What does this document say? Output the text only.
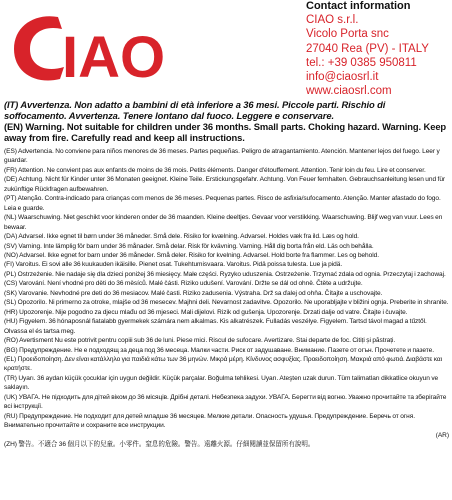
IAO
Contact information
CIAO s.r.l.
Vicolo Porta snc
27040 Rea (PV) - ITALY
tel.: +39 0385 950811
info@ciaosrl.it
www.ciaosrl.com

(IT) Avvertenza. Non adatto a bambini di età inferiore a 36 mesi. Piccole parti. Rischio di soffocamento. Avvertenza. Tenere lontano dal fuoco. Leggere e conservare.

(EN) Warning. Not suitable for children under 36 months. Small parts. Choking hazard. Warning. Keep away from fire. Carefully read and keep all instructions.

(ES) Advertencia. No conviene para niños menores de 36 meses. Partes pequeñas. Peligro de atragantamiento. Atención. Mantener lejos del fuego. Leer y guardar.

(FR) Attention. Ne convient pas aux enfants de moins de 36 mois. Petits éléments. Danger d'étouffement. Attention. Tenir loin du feu. Lire et conserver.

(DE) Achtung. Nicht für Kinder unter 36 Monaten geeignet. Kleine Teile. Erstickungsgefahr. Achtung. Von Feuer fernhalten. Gebrauchsanleitung lesen und für zukünftige Rückfragen aufbewahren.

(PT) Atenção. Contra-indicado para crianças com menos de 36 meses. Pequenas partes. Risco de asfixia/sufocamento. Atenção. Manter afastado do fogo. Leia e guarde.

(NL) Waarschuwing. Niet geschikt voor kinderen onder de 36 maanden. Kleine deeltjes. Gevaar voor verstikking. Waarschuwing. Blijf weg van vuur. Lees en bewaar.

(DA) Advarsel. Ikke egnet til børn under 36 måneder. Små dele. Risiko for kvælning. Advarsel. Holdes væk fra ild. Læs og hold.

(SV) Varning. Inte lämplig för barn under 36 månader. Små delar. Risk för kvävning. Varning. Håll dig borta från eld. Läs och behålla.

(NO) Advarsel. Ikke egnet for barn under 36 måneder. Små deler. Risiko for kvelning. Advarsel. Hold borte fra flammer. Les og behold.

(FI) Varoitus. Ei sovi alle 36 kuukauden ikäisille. Pienet osat. Tukehtumisvaara. Varoitus. Pidä poissa tulesta. Lue ja pidä.

(PL) Ostrzeżenie. Nie nadaje się dla dzieci poniżej 36 miesięcy. Małe części. Ryzyko uduszenia. Ostrzeżenie. Trzymać zdala od ognia. Przeczytaj i zachowaj.

(CS) Varování. Není vhodné pro děti do 36 měsíců. Malé části. Riziko udušení. Varování. Držte se dál od ohně. Čtěte a udržujte.

(SK) Varovanie. Nevhodné pre deti do 36 mesiacov. Malé časti. Riziko zadusenia. Výstraha. Drž sa ďalej od ohňa. Čítajte a uschovajte.

(SL) Opozorilo. Ni primerno za otroke, mlajše od 36 mesecev. Majhni deli. Nevarnost zadavitve. Opozorilo. Ne uporabljajte v bližini ognja. Preberite in shranite.

(HR) Upozorenje. Nije pogodno za djecu mlađu od 36 mjeseci. Mali dijelovi. Rizik od gušenja. Upozorenje. Drzati dalje od vatre. Čitajte i čuvajte.

(HU) Figyelem. 36 hónaposnál fiatalabb gyermekek számára nem alkalmas. Kis alkatrészek. Fulladás veszélye. Figyelem. Tartsd távol magad a tűztől. Olvassa el és tartsa meg.

(RO) Avertisment Nu este potrivit pentru copiii sub 36 de luni. Piese mici. Riscul de sufocare. Avertizare. Stai departe de foc. Citiți și păstrați.

(BG) Предупреждение. Не е подходящ за деца под 36 месеца. Малки части. Риск от задушаване. Внимание. Пазете от огън. Прочетете и пазете.

(EL) Προειδοποίηση. Δεν είναι κατάλληλο για παιδιά κάτω των 36 μηνών. Μικρά μέρη. Κίνδυνος ασφυξίας. Προειδοποίηση. Μακριά από φωτιά. Διαβάστε και κρατήστε.

(TR) Uyarı. 36 aydan küçük çocuklar için uygun değildir. Küçük parçalar. Boğulma tehlikesi. Uyarı. Ateşten uzak durun. Tüm talimatları dikkatlice okuyun ve saklayın.

(UK) УВАГА. Не підходить для дітей віком до 36 місяців. Дрібні деталі. Небезпека задухи. УВАГА. Берегти від вогню. Уважно прочитайте та зберігайте всі інструкції.

(RU) Предупреждение. Не подходит для детей младше 36 месяцев. Мелкие детали. Опасность удушья. Предупреждение. Беречь от огня. Внимательно прочитайте и сохраните все инструкции.

(AR)

(ZH) 警告。不適合 36 個月以下的兒童。小零件。窒息的危險。警告。遠離火源。仔細閱讀並保留所有說明。
